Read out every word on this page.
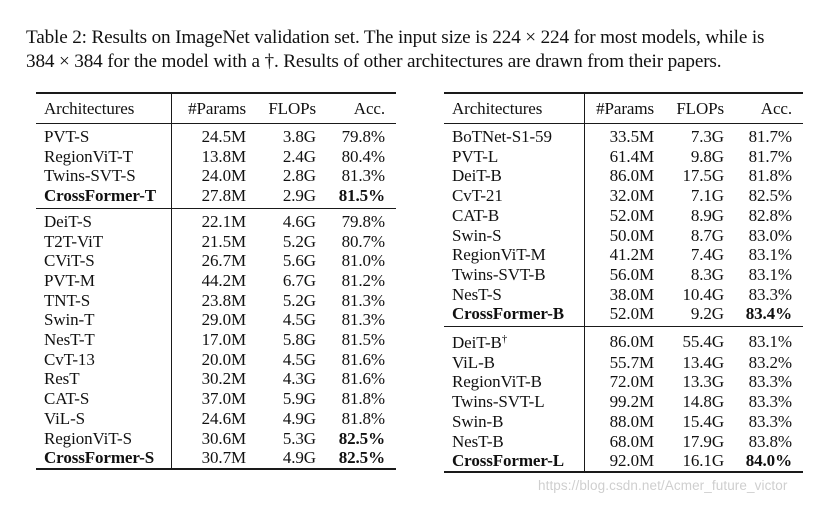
Table 2: Results on ImageNet validation set. The input size is 224 × 224 for most models, while is
384 × 384 for the model with a †. Results of other architectures are drawn from their papers.
Architectures	#Params	FLOPs	Acc.
PVT-S	24.5M	3.8G	79.8%
RegionViT-T	13.8M	2.4G	80.4%
Twins-SVT-S	24.0M	2.8G	81.3%
CrossFormer-T	27.8M	2.9G	81.5%
DeiT-S	22.1M	4.6G	79.8%
T2T-ViT	21.5M	5.2G	80.7%
CViT-S	26.7M	5.6G	81.0%
PVT-M	44.2M	6.7G	81.2%
TNT-S	23.8M	5.2G	81.3%
Swin-T	29.0M	4.5G	81.3%
NesT-T	17.0M	5.8G	81.5%
CvT-13	20.0M	4.5G	81.6%
ResT	30.2M	4.3G	81.6%
CAT-S	37.0M	5.9G	81.8%
ViL-S	24.6M	4.9G	81.8%
RegionViT-S	30.6M	5.3G	82.5%
CrossFormer-S	30.7M	4.9G	82.5%
Architectures	#Params	FLOPs	Acc.
BoTNet-S1-59	33.5M	7.3G	81.7%
PVT-L	61.4M	9.8G	81.7%
DeiT-B	86.0M	17.5G	81.8%
CvT-21	32.0M	7.1G	82.5%
CAT-B	52.0M	8.9G	82.8%
Swin-S	50.0M	8.7G	83.0%
RegionViT-M	41.2M	7.4G	83.1%
Twins-SVT-B	56.0M	8.3G	83.1%
NesT-S	38.0M	10.4G	83.3%
CrossFormer-B	52.0M	9.2G	83.4%
DeiT-B†	86.0M	55.4G	83.1%
ViL-B	55.7M	13.4G	83.2%
RegionViT-B	72.0M	13.3G	83.3%
Twins-SVT-L	99.2M	14.8G	83.3%
Swin-B	88.0M	15.4G	83.3%
NesT-B	68.0M	17.9G	83.8%
CrossFormer-L	92.0M	16.1G	84.0%
https://blog.csdn.net/Acmer_future_victor
